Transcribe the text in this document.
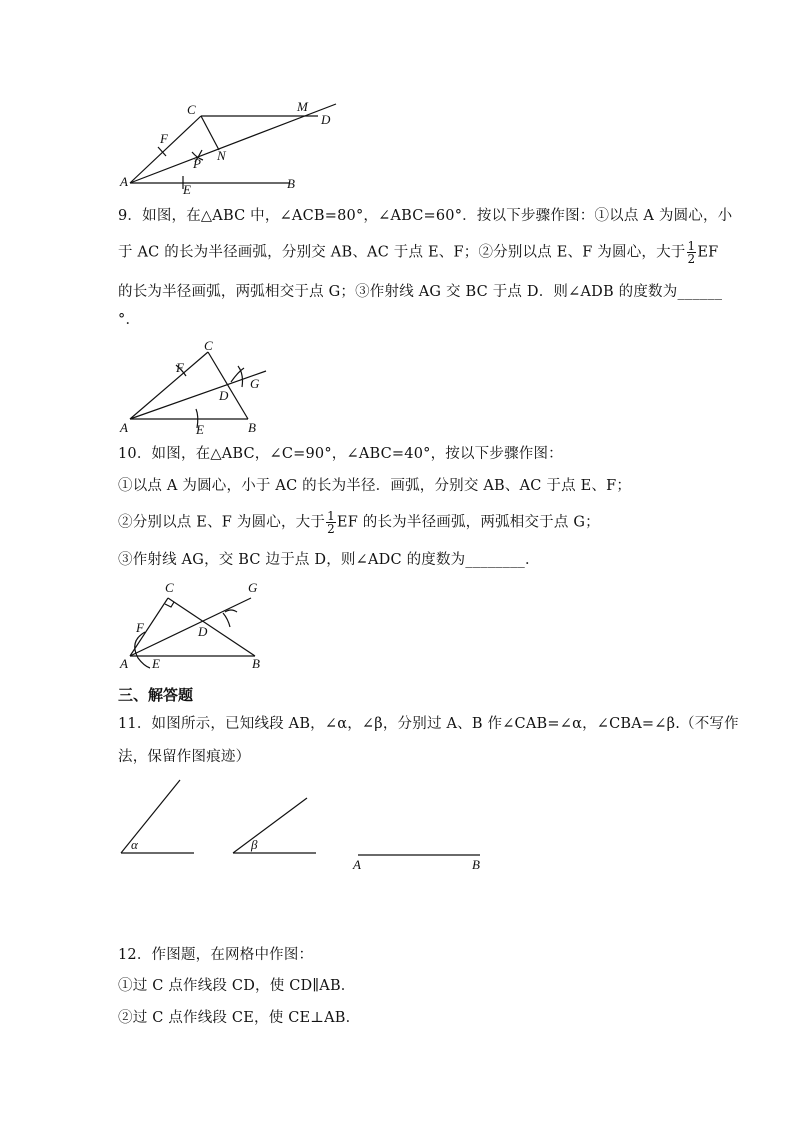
C	M
D
F
P
N
A
E	B
9．如图，在△ABC 中，∠ACB=80°，∠ABC=60°．按以下步骤作图：①以点 A 为圆心，小
于 AC 的长为半径画弧，分别交 AB、AC 于点 E、F；②分别以点 E、F 为圆心，大于 $\frac{1}{2}$ EF
的长为半径画弧，两弧相交于点 G；③作射线 AG 交 BC 于点 D．则∠ADB 的度数为______
°．
C
F
G
D
A	E	B
10．如图，在△ABC，∠C=90°，∠ABC=40°，按以下步骤作图：
①以点 A 为圆心，小于 AC 的长为半径．画弧，分别交 AB、AC 于点 E、F；
②分别以点 E、F 为圆心，大于 $\frac{1}{2}$ EF 的长为半径画弧，两弧相交于点 G；
③作射线 AG，交 BC 边于点 D，则∠ADC 的度数为________．
C	G
F	D
A E	B
三、解答题
11．如图所示，已知线段 AB，∠α，∠β，分别过 A、B 作∠CAB=∠α，∠CBA=∠β.（不写作
法，保留作图痕迹）
α	β
A	B
12．作图题，在网格中作图：
①过 C 点作线段 CD，使 CD∥AB．
②过 C 点作线段 CE，使 CE⊥AB．
